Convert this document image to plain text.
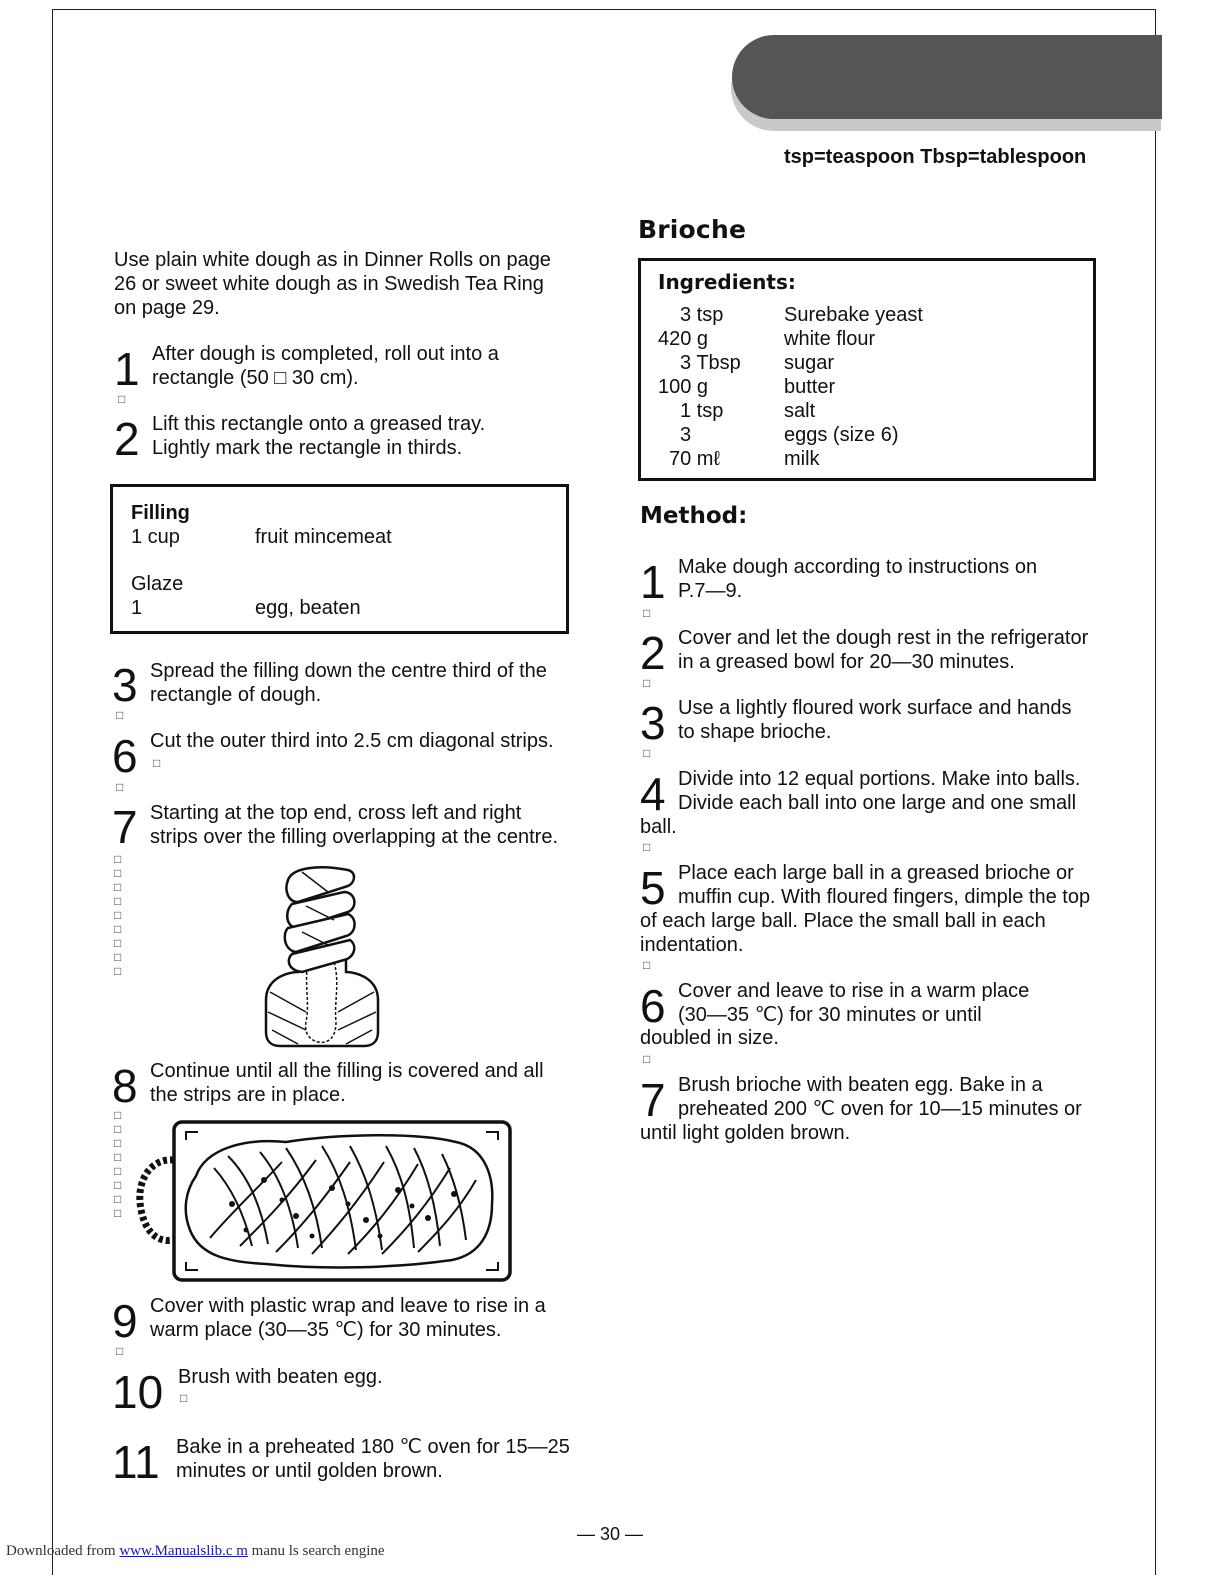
tsp=teaspoon Tbsp=tablespoon
Use plain white dough as in Dinner Rolls on page
26 or sweet white dough as in Swedish Tea Ring
on page 29.
1 After dough is completed, roll out into a
rectangle (50 □ 30 cm).
□
2 Lift this rectangle onto a greased tray.
Lightly mark the rectangle in thirds.
Filling
1 cup	fruit mincemeat
Glaze
1	egg, beaten
3 Spread the filling down the centre third of the
rectangle of dough.
□
6 Cut the outer third into 2.5 cm diagonal strips.
□
□
7 Starting at the top end, cross left and right
strips over the filling overlapping at the centre.
□
□
□
□
□
□
□
□
□
8 Continue until all the filling is covered and all
the strips are in place.
□
□
□
□
□
□
□
□
9 Cover with plastic wrap and leave to rise in a
warm place (30—35 ℃) for 30 minutes.
□
10 Brush with beaten egg.
□
11 Bake in a preheated 180 ℃ oven for 15—25
minutes or until golden brown.
Brioche
Ingredients:
3 tsp
420 g
3 Tbsp
100 g
1 tsp
3
70 mℓ
Surebake yeast
white flour
sugar
butter
salt
eggs (size 6)
milk
Method:
1 Make dough according to instructions on
P.7—9.
□
2 Cover and let the dough rest in the refrigerator
in a greased bowl for 20—30 minutes.
□
3 Use a lightly floured work surface and hands
to shape brioche.
□
4 Divide into 12 equal portions. Make into balls.
Divide each ball into one large and one small
ball.
□
5 Place each large ball in a greased brioche or
muffin cup. With floured fingers, dimple the top
of each large ball. Place the small ball in each
indentation.
□
6 Cover and leave to rise in a warm place
(30—35 ℃) for 30 minutes or until
doubled in size.
□
7 Brush brioche with beaten egg. Bake in a
preheated 200 ℃ oven for 10—15 minutes or
until light golden brown.
— 30 —
Downloaded from www.Manualslib.c m manu ls search engine
